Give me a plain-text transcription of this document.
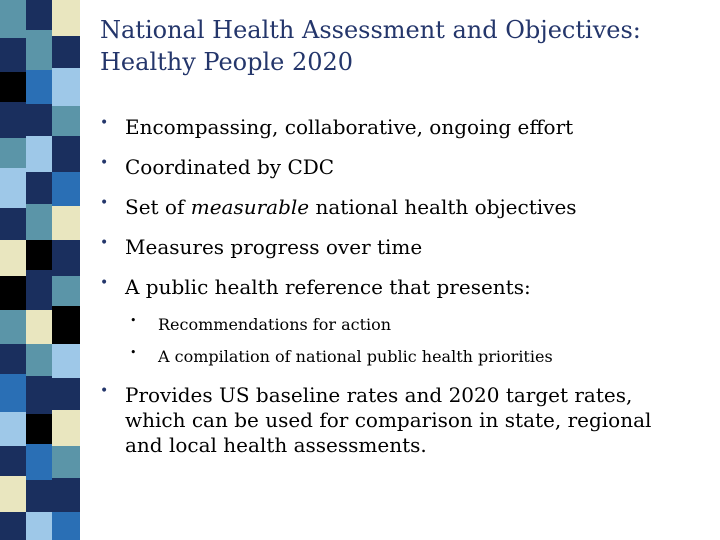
National Health Assessment and Objectives:
Healthy People 2020
• Encompassing, collaborative, ongoing effort
• Coordinated by CDC
• Set of measurable national health objectives
• Measures progress over time
• A public health reference that presents:
• Recommendations for action
• A compilation of national public health priorities
• Provides US baseline rates and 2020 target rates, which can be used for comparison in state, regional and local health assessments.
